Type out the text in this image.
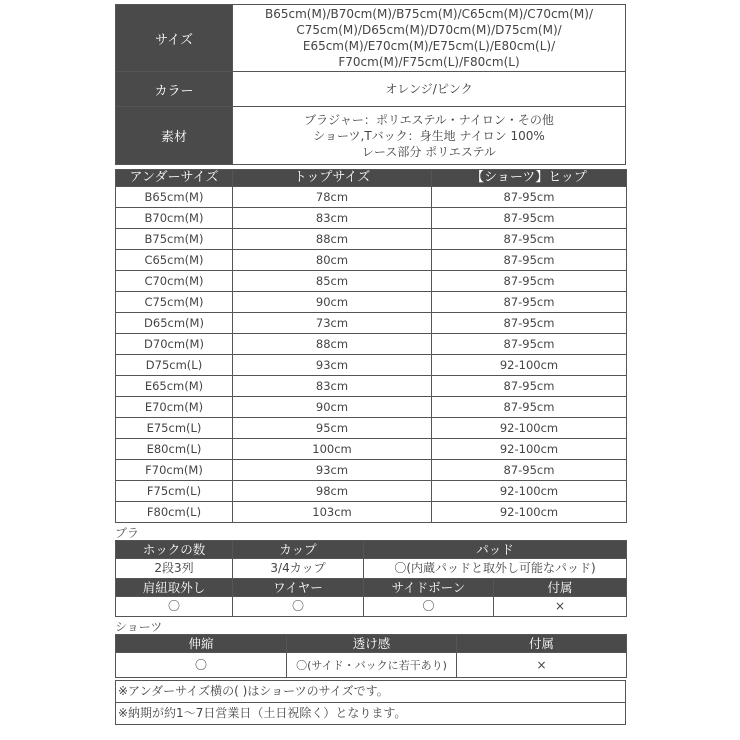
サイズ	B65cm(M)/B70cm(M)/B75cm(M)/C65cm(M)/C70cm(M)/
C75cm(M)/D65cm(M)/D70cm(M)/D75cm(M)/
E65cm(M)/E70cm(M)/E75cm(L)/E80cm(L)/
F70cm(M)/F75cm(L)/F80cm(L)

カラー	オレンジ/ピンク
素材	ブラジャー：ポリエステル・ナイロン・その他
ショーツ,Tバック：身生地 ナイロン 100%
レース部分 ポリエステル
アンダーサイズ	トップサイズ	【ショーツ】ヒップ
B65cm(M)	78cm	87-95cm
B70cm(M)	83cm	87-95cm
B75cm(M)	88cm	87-95cm
C65cm(M)	80cm	87-95cm
C70cm(M)	85cm	87-95cm
C75cm(M)	90cm	87-95cm
D65cm(M)	73cm	87-95cm
D70cm(M)	88cm	87-95cm
D75cm(L)	93cm	92-100cm
E65cm(M)	83cm	87-95cm
E70cm(M)	90cm	87-95cm
E75cm(L)	95cm	92-100cm
E80cm(L)	100cm	92-100cm
F70cm(M)	93cm	87-95cm
F75cm(L)	98cm	92-100cm
F80cm(L)	103cm	92-100cm
ブラ
ホックの数	カップ	パッド	
2段3列	3/4カップ	〇(内蔵パッドと取外し可能なパッド)	
肩紐取外し	ワイヤー	サイドボーン	付属
〇	〇	〇	×
ショーツ
伸縮	透け感	付属
〇	〇(サイド・バックに若干あり)	×
※アンダーサイズ横の( )はショーツのサイズです。
※納期が約1～7日営業日（土日祝除く）となります。
